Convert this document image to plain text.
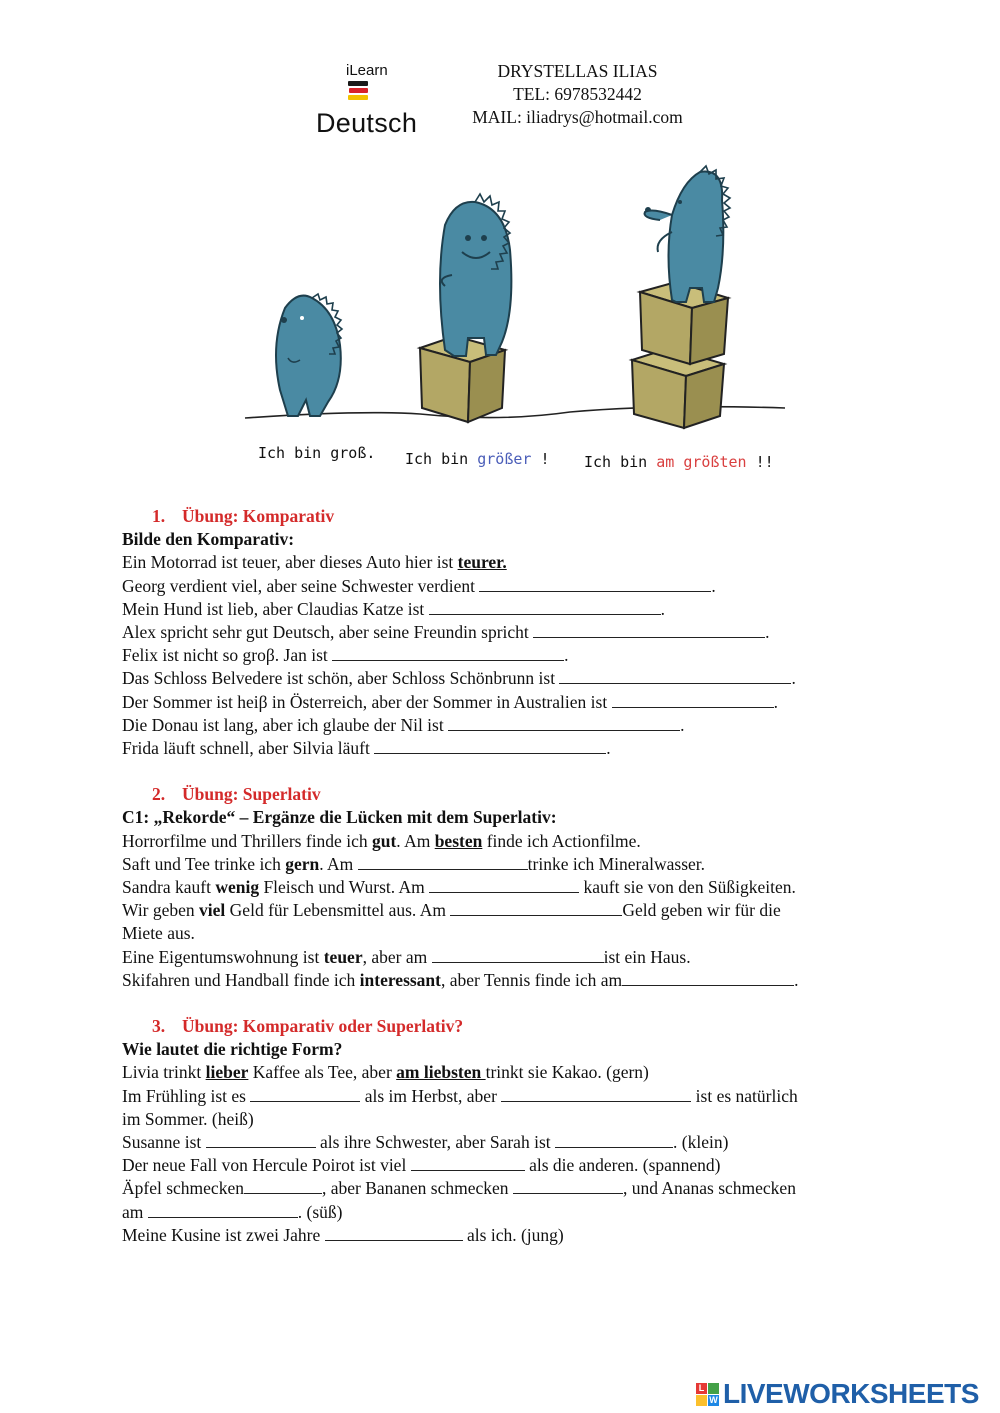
iLearn
Deutsch
DRYSTELLAS ILIAS
TEL: 6978532442
MAIL: iliadrys@hotmail.com
Ich bin groß. Ich bin größer ! Ich bin am größten !!
1. Übung: Komparativ
Bilde den Komparativ:
Ein Motorrad ist teuer, aber dieses Auto hier ist teurer.
Georg verdient viel, aber seine Schwester verdient	.
Mein Hund ist lieb, aber Claudias Katze ist	.
Alex spricht sehr gut Deutsch, aber seine Freundin spricht	.
Felix ist nicht so groβ. Jan ist	.
Das Schloss Belvedere ist schön, aber Schloss Schönbrunn ist	.
Der Sommer ist heiβ in Österreich, aber der Sommer in Australien ist	.
Die Donau ist lang, aber ich glaube der Nil ist	.
Frida läuft schnell, aber Silvia läuft	.
2. Übung: Superlativ
C1: „Rekorde“ – Ergänze die Lücken mit dem Superlativ:
Horrorfilme und Thrillers finde ich gut. Am besten finde ich Actionfilme.
Saft und Tee trinke ich gern. Am	trinke ich Mineralwasser.
Sandra kauft wenig Fleisch und Wurst. Am	kauft sie von den Süßigkeiten.
Wir geben viel Geld für Lebensmittel aus. Am	Geld geben wir für die
Miete aus.
Eine Eigentumswohnung ist teuer, aber am	ist ein Haus.
Skifahren und Handball finde ich interessant, aber Tennis finde ich am	.
3. Übung: Komparativ oder Superlativ?
Wie lautet die richtige Form?
Livia trinkt lieber Kaffee als Tee, aber am liebsten trinkt sie Kakao. (gern)
Im Frühling ist es	als im Herbst, aber	ist es natürlich
im Sommer. (heiß)
Susanne ist	als ihre Schwester, aber Sarah ist	. (klein)
Der neue Fall von Hercule Poirot ist viel	als die anderen. (spannend)
Äpfel schmecken	, aber Bananen schmecken	, und Ananas schmecken
am	. (süß)
Meine Kusine ist zwei Jahre	als ich. (jung)
L
W LIVEWORKSHEETS
